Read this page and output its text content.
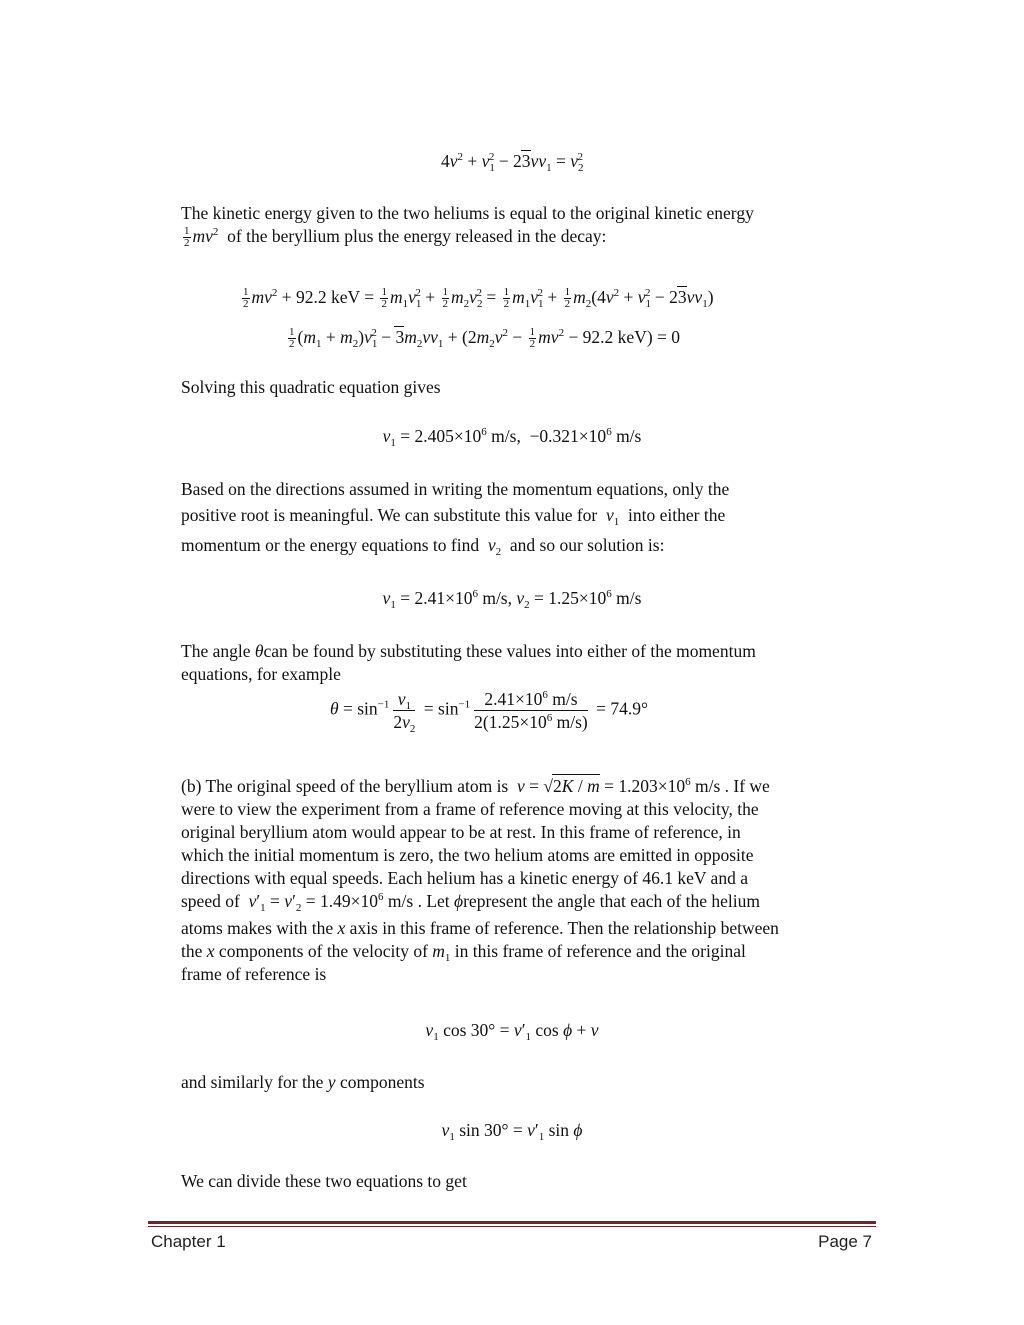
$4v^2 + v_1^2 - 23vv_1 = v_2^2$
The kinetic energy given to the two heliums is equal to the original kinetic energy
$\frac{1}{2} mv^2$ of the beryllium plus the energy released in the decay:
$\frac{1}{2} mv^2 + 92.2$ keV = $\frac{1}{2} m_1v_1^2 + \frac{1}{2} m_2v_2^2 = \frac{1}{2} m_1v_1^2 + \frac{1}{2} m_2(4v^2 + v_1^2 - 23vv_1)$
$\frac{1}{2} (m_1 + m_2)v_1^2 - 3m_2vv_1 + (2m_2v^2 - \frac{1}{2} mv^2 - 92.2$ keV) = 0
Solving this quadratic equation gives
$v_1 = 2.405\times 10^6$ m/s,  $-0.321\times 10^6$ m/s
Based on the directions assumed in writing the momentum equations, only the
positive root is meaningful. We can substitute this value for $v_1$ into either the
momentum or the energy equations to find $v_2$ and so our solution is:
$v_1 = 2.41\times 10^6$ m/s, $v_2 = 1.25\times 10^6$ m/s
The angle θcan be found by substituting these values into either of the momentum
equations, for example
$\theta = \sin^{-1} \frac{v_1}{2v_2} = \sin^{-1} \frac{2.41\times 10^6 m/s}{2(1.25\times 10^6 m/s)} = 74.9^\circ$
(b) The original speed of the beryllium atom is $v = √2K / m = 1.203\times 10^6$ m/s . If we
were to view the experiment from a frame of reference moving at this velocity, the
original beryllium atom would appear to be at rest. In this frame of reference, in
which the initial momentum is zero, the two helium atoms are emitted in opposite
directions with equal speeds. Each helium has a kinetic energy of 46.1 keV and a
speed of $v'_1 = v'_2 = 1.49\times 10^6$ m/s . Let ϕrepresent the angle that each of the helium
atoms makes with the x axis in this frame of reference. Then the relationship between
the x components of the velocity of $m_1$ in this frame of reference and the original
frame of reference is
$v_1$ $\cos 30^\circ = v'_1$ cos ϕ + v
and similarly for the y components
$v_1$ $\sin 30^\circ = v'_1$ sin ϕ
We can divide these two equations to get
Chapter 1	Page 7
